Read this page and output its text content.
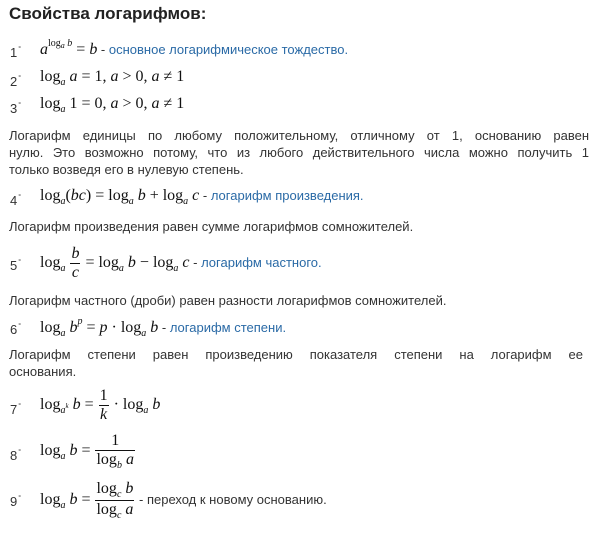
Свойства логарифмов:
1° $a^{log_a b} = b$ - основное логарифмическое тождество.
2° $\log_a a = 1$, a > 0, a ≠ 1
3° $\log_a 1 = 0$, a > 0, a ≠ 1

Логарифм единицы по любому положительному, отличному от 1, основанию равен

нулю. Это возможно потому, что из любого действительного числа можно получить 1

только возведя его в нулевую степень.

4° $\log_a(bc) = \log_a b + \log_a c$ - логарифм произведения.
Логарифм произведения равен сумме логарифмов сомножителей.
5° $\log_a \frac{b}{c} = \log_a b - \log_a c$ - логарифм частного.
Логарифм частного (дроби) равен разности логарифмов сомножителей.
6° $\log_a b^p = p \cdot \log_a b$ - логарифм степени.

Логарифм степени равен произведению показателя степени на логарифм ее

основания.

7° $\log_{a^k} b = \frac{1}{k} \cdot \log_a b$
8° $\log_a b = \frac{1}{\log_b a}$
9° $\log_a b = \frac{\log_c b}{\log_c a}$ - переход к новому основанию.
